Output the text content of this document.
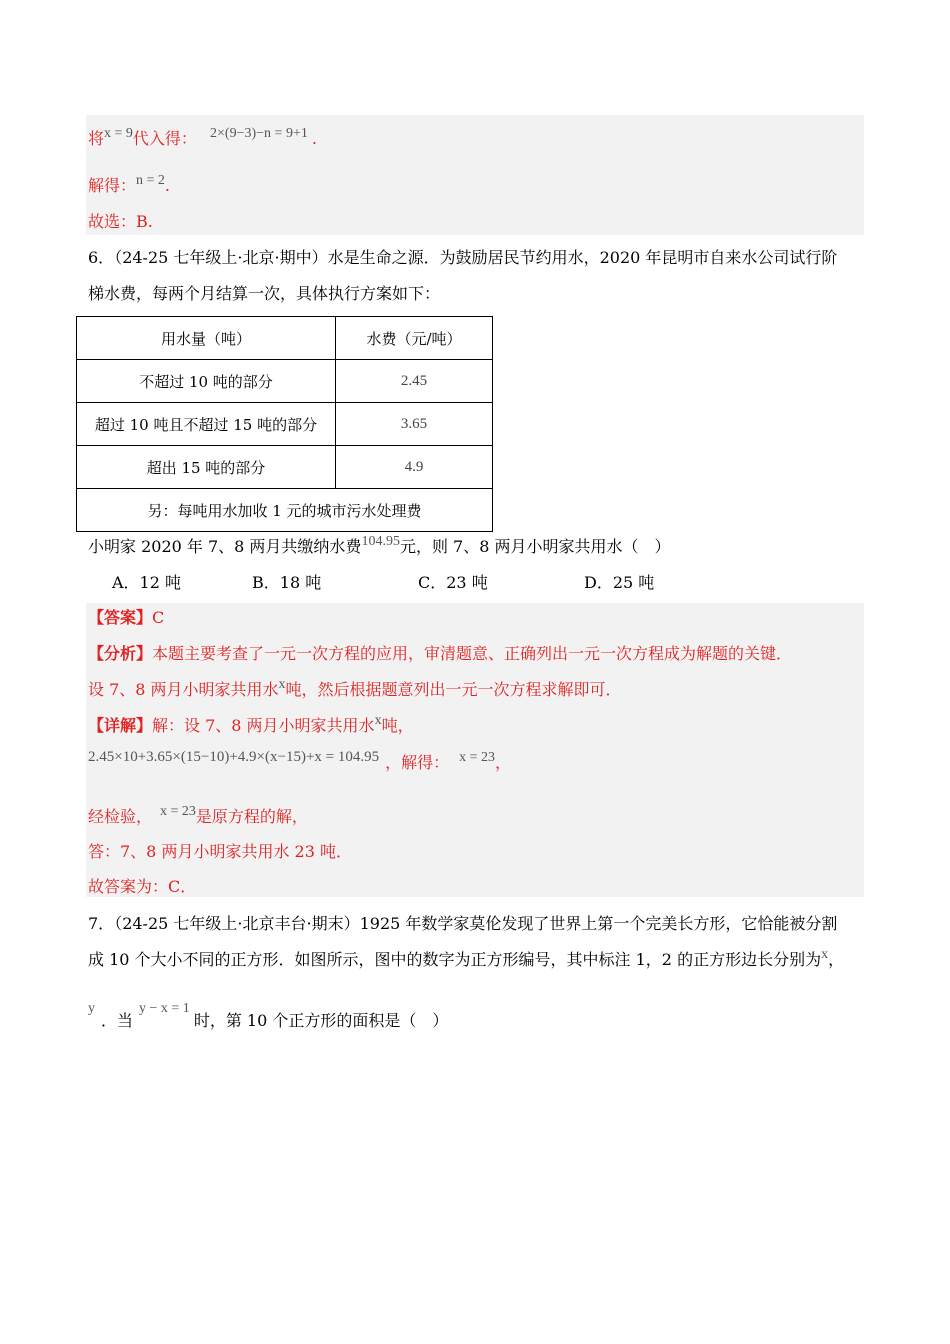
将x = 9代入得： 2×(9−3)−n = 9+1 .
解得：n = 2.
故选：B.
6．（24-25 七年级上·北京·期中）水是生命之源．为鼓励居民节约用水，2020 年昆明市自来水公司试行阶
梯水费，每两个月结算一次，具体执行方案如下：
用水量（吨）	水费（元/吨）
不超过 10 吨的部分	2.45
超过 10 吨且不超过 15 吨的部分	3.65
超出 15 吨的部分	4.9
另：每吨用水加收 1 元的城市污水处理费	
小明家 2020 年 7、8 两月共缴纳水费104.95元，则 7、8 两月小明家共用水（　）
A．12 吨	B．18 吨	C．23 吨	D．25 吨
【答案】C
【分析】本题主要考查了一元一次方程的应用，审清题意、正确列出一元一次方程成为解题的关键．
设 7、8 两月小明家共用水x吨，然后根据题意列出一元一次方程求解即可．
【详解】解：设 7、8 两月小明家共用水x吨，
2.45×10+3.65×(15−10)+4.9×(x−15)+x = 104.95 ，解得： x = 23，
经检验， x = 23是原方程的解，
答：7、8 两月小明家共用水 23 吨．
故答案为：C．
7．（24-25 七年级上·北京丰台·期末）1925 年数学家莫伦发现了世界上第一个完美长方形，它恰能被分割
成 10 个大小不同的正方形．如图所示，图中的数字为正方形编号，其中标注 1，2 的正方形边长分别为x，
y．当y − x = 1时，第 10 个正方形的面积是（　）
